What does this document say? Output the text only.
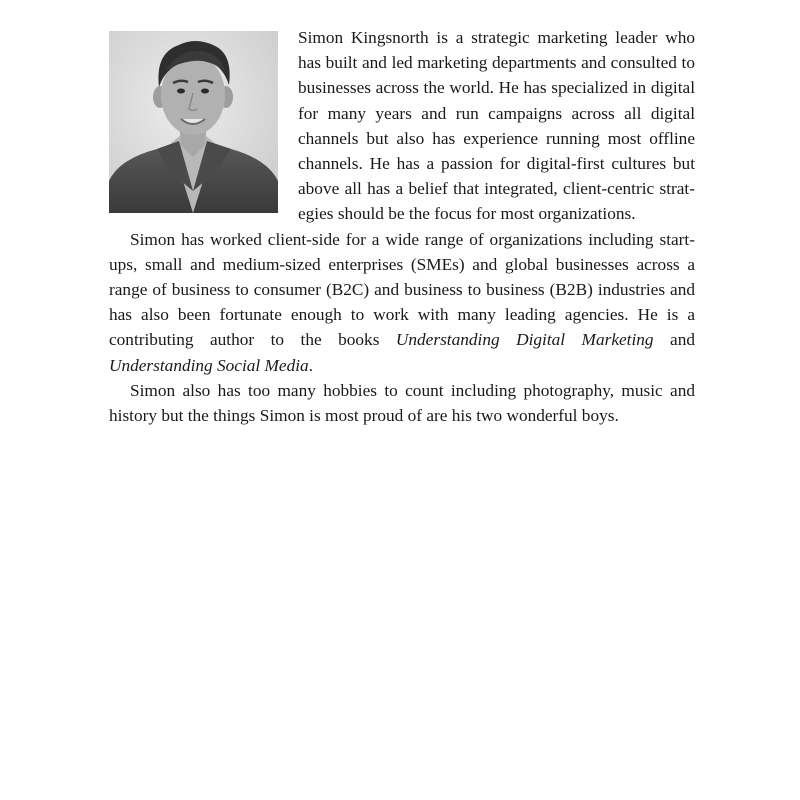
Simon Kingsnorth is a strategic marketing leader who has built and led marketing departments and consulted to businesses across the world. He has specialized in digital for many years and run campaigns across all digital channels but also has experience running most offline channels. He has a passion for digital-first cultures but above all has a belief that integrated, client-centric strategies should be the focus for most organizations.

Simon has worked client-side for a wide range of organizations including start-ups, small and medium-sized enterprises (SMEs) and global businesses across a range of business to consumer (B2C) and business to business (B2B) industries and has also been fortunate enough to work with many leading agencies. He is a contributing author to the books Understanding Digital Marketing and Understanding Social Media.

Simon also has too many hobbies to count including photography, music and history but the things Simon is most proud of are his two wonderful boys.
